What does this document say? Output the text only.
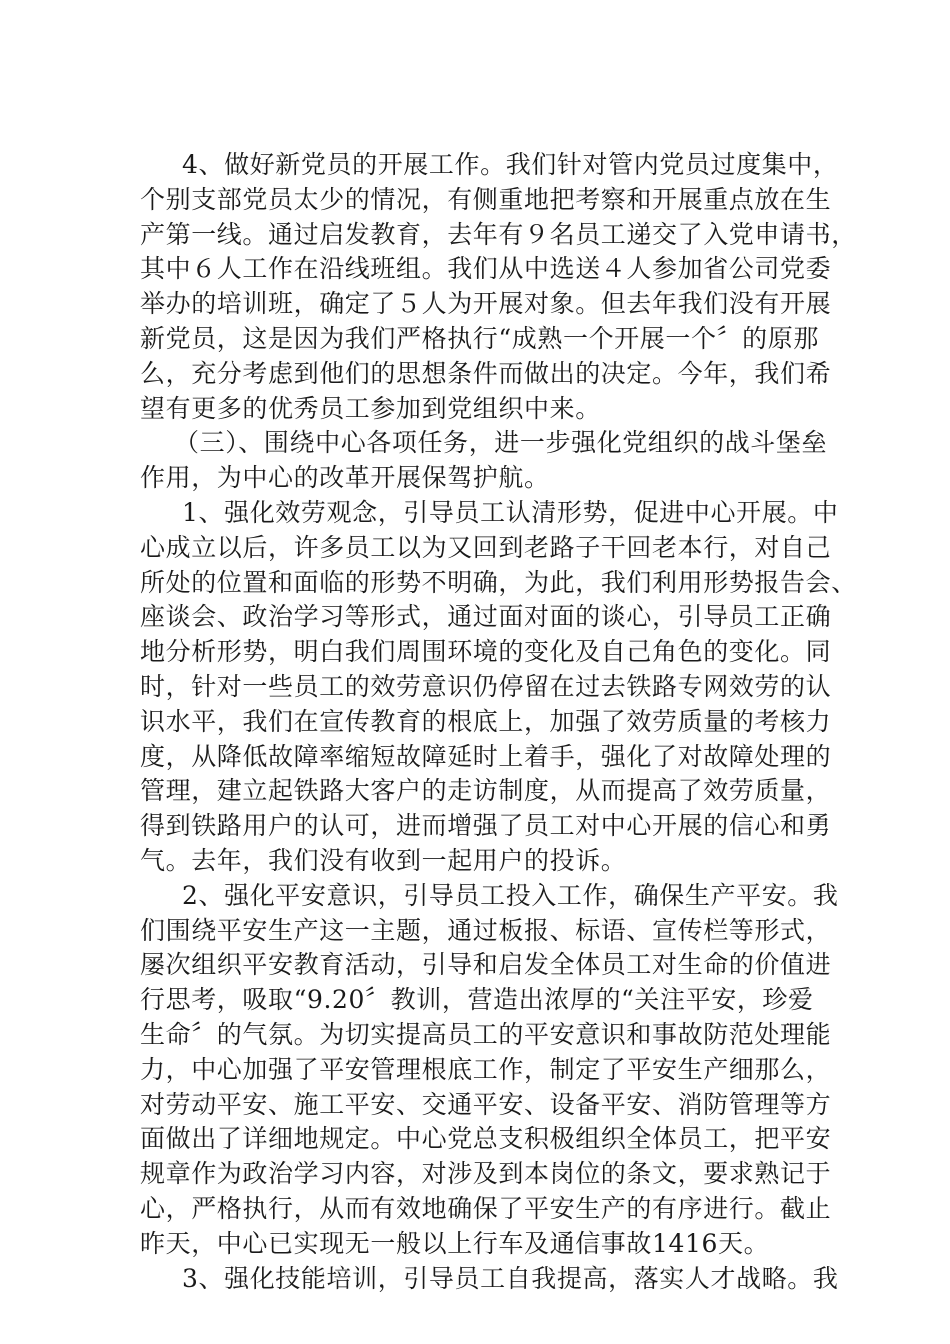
4、做好新党员的开展工作。我们针对管内党员过度集中，
个别支部党员太少的情况，有侧重地把考察和开展重点放在生
产第一线。通过启发教育，去年有９名员工递交了入党申请书，
其中６人工作在沿线班组。我们从中选送４人参加省公司党委
举办的培训班，确定了５人为开展对象。但去年我们没有开展
新党员，这是因为我们严格执行“成熟一个开展一个〞的原那
么，充分考虑到他们的思想条件而做出的决定。今年，我们希
望有更多的优秀员工参加到党组织中来。
（三）、围绕中心各项任务，进一步强化党组织的战斗堡垒
作用，为中心的改革开展保驾护航。
1、强化效劳观念，引导员工认清形势，促进中心开展。中
心成立以后，许多员工以为又回到老路子干回老本行，对自己
所处的位置和面临的形势不明确，为此，我们利用形势报告会、
座谈会、政治学习等形式，通过面对面的谈心，引导员工正确
地分析形势，明白我们周围环境的变化及自己角色的变化。同
时，针对一些员工的效劳意识仍停留在过去铁路专网效劳的认
识水平，我们在宣传教育的根底上，加强了效劳质量的考核力
度，从降低故障率缩短故障延时上着手，强化了对故障处理的
管理，建立起铁路大客户的走访制度，从而提高了效劳质量，
得到铁路用户的认可，进而增强了员工对中心开展的信心和勇
气。去年，我们没有收到一起用户的投诉。
2、强化平安意识，引导员工投入工作，确保生产平安。我
们围绕平安生产这一主题，通过板报、标语、宣传栏等形式，
屡次组织平安教育活动，引导和启发全体员工对生命的价值进
行思考，吸取“9.20〞教训，营造出浓厚的“关注平安，珍爱
生命〞的气氛。为切实提高员工的平安意识和事故防范处理能
力，中心加强了平安管理根底工作，制定了平安生产细那么，
对劳动平安、施工平安、交通平安、设备平安、消防管理等方
面做出了详细地规定。中心党总支积极组织全体员工，把平安
规章作为政治学习内容，对涉及到本岗位的条文，要求熟记于
心，严格执行，从而有效地确保了平安生产的有序进行。截止
昨天，中心已实现无一般以上行车及通信事故1416天。
3、强化技能培训，引导员工自我提高，落实人才战略。我
